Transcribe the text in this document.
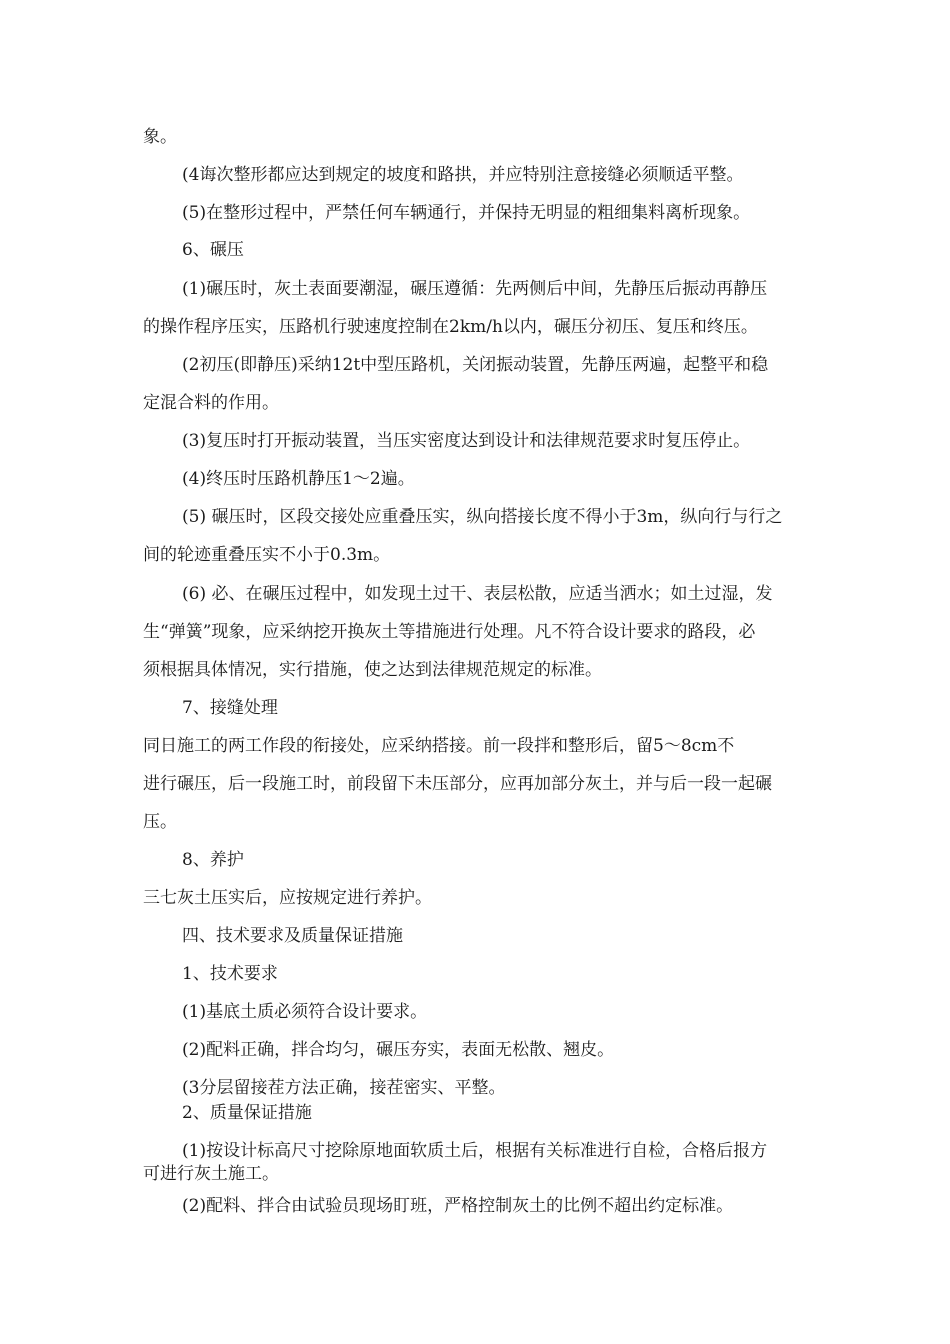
象。
(4诲次整形都应达到规定的坡度和路拱，并应特别注意接缝必须顺适平整。
(5)在整形过程中，严禁任何车辆通行，并保持无明显的粗细集料离析现象。
6、碾压
(1)碾压时，灰土表面要潮湿，碾压遵循：先两侧后中间，先静压后振动再静压
的操作程序压实，压路机行驶速度控制在2km/h以内，碾压分初压、复压和终压。
(2初压(即静压)采纳12t中型压路机，关闭振动装置，先静压两遍，起整平和稳
定混合料的作用。
(3)复压时打开振动装置，当压实密度达到设计和法律规范要求时复压停止。
(4)终压时压路机静压1〜2遍。
(5) 碾压时，区段交接处应重叠压实，纵向搭接长度不得小于3m，纵向行与行之
间的轮迹重叠压实不小于0.3m。
(6) 必、在碾压过程中，如发现土过干、表层松散，应适当洒水；如土过湿，发
生“弹簧”现象，应采纳挖开换灰土等措施进行处理。凡不符合设计要求的路段，必
须根据具体情况，实行措施，使之达到法律规范规定的标准。
7、接缝处理
同日施工的两工作段的衔接处，应采纳搭接。前一段拌和整形后，留5〜8cm不
进行碾压，后一段施工时，前段留下未压部分，应再加部分灰土，并与后一段一起碾
压。
8、养护
三七灰土压实后，应按规定进行养护。
四、技术要求及质量保证措施
1、技术要求
(1)基底土质必须符合设计要求。
(2)配料正确，拌合均匀，碾压夯实，表面无松散、翘皮。
(3分层留接茬方法正确，接茬密实、平整。
2、质量保证措施
(1)按设计标高尺寸挖除原地面软质土后，根据有关标准进行自检，合格后报方
可进行灰土施工。
(2)配料、拌合由试验员现场盯班，严格控制灰土的比例不超出约定标准。
